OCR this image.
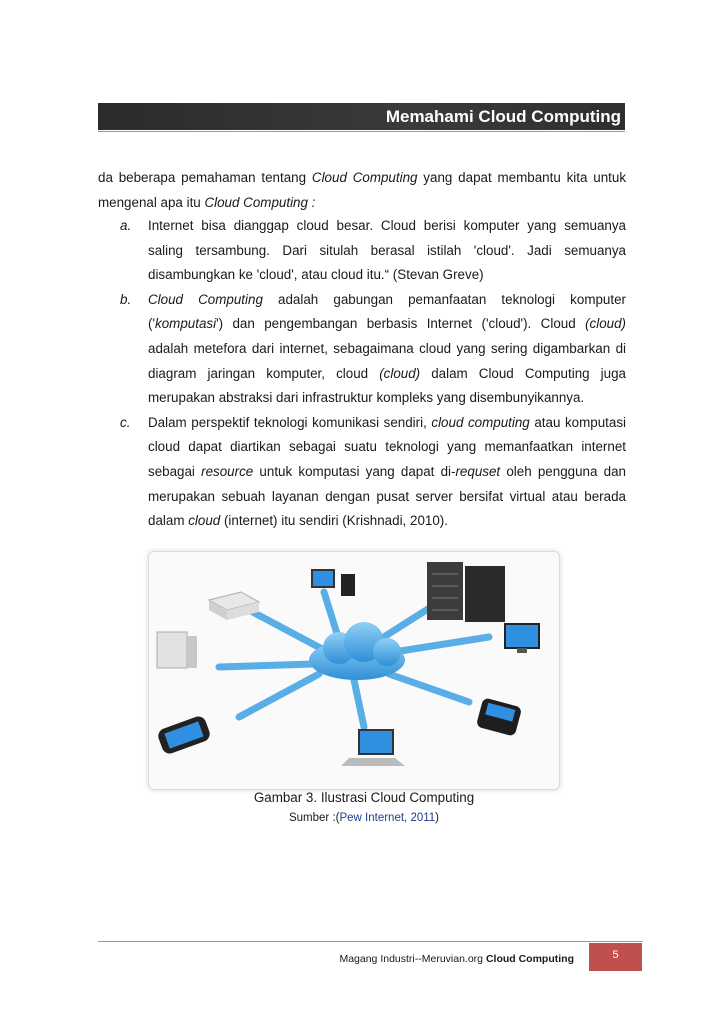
Memahami Cloud Computing
da beberapa pemahaman tentang Cloud Computing yang dapat membantu kita untuk mengenal apa itu Cloud Computing :
a. Internet bisa dianggap cloud besar. Cloud berisi komputer yang semuanya saling tersambung. Dari situlah berasal istilah 'cloud'. Jadi semuanya disambungkan ke 'cloud', atau cloud itu.“ (Stevan Greve)
b. Cloud Computing adalah gabungan pemanfaatan teknologi komputer ('komputasi') dan pengembangan berbasis Internet ('cloud'). Cloud (cloud) adalah metefora dari internet, sebagaimana cloud yang sering digambarkan di diagram jaringan komputer, cloud (cloud) dalam Cloud Computing juga merupakan abstraksi dari infrastruktur kompleks yang disembunyikannya.
c. Dalam perspektif teknologi komunikasi sendiri, cloud computing atau komputasi cloud dapat diartikan sebagai suatu teknologi yang memanfaatkan internet sebagai resource untuk komputasi yang dapat di-requset oleh pengguna dan merupakan sebuah layanan dengan pusat server bersifat virtual atau berada dalam cloud (internet) itu sendiri (Krishnadi, 2010).
Gambar 3. Ilustrasi Cloud Computing
Sumber :(Pew Internet, 2011)
Magang Industri--Meruvian.org Cloud Computing	5
